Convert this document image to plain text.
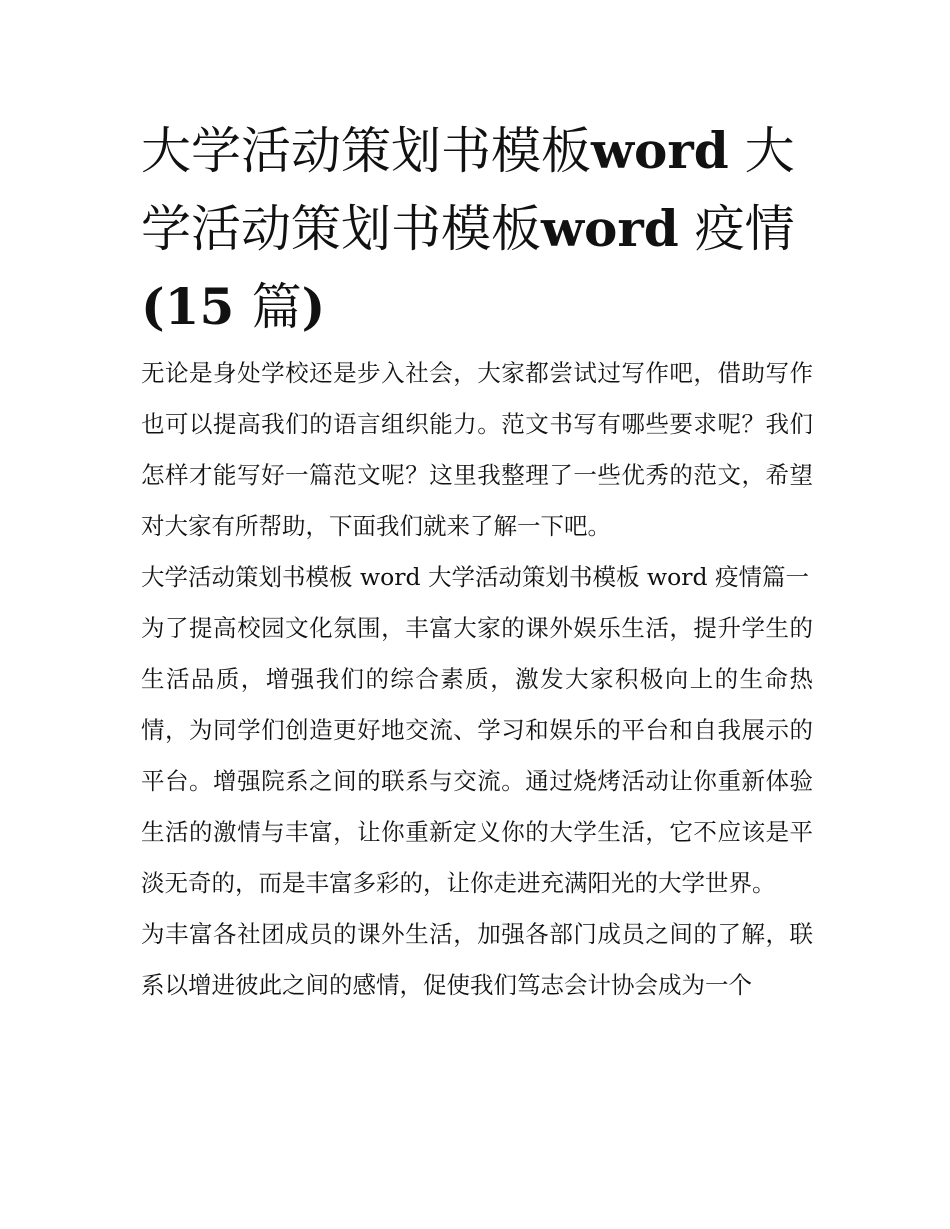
大学活动策划书模板word 大学活动策划书模板word 疫情
(15 篇)

无论是身处学校还是步入社会，大家都尝试过写作吧，借助写作也可以提高我们的语言组织能力。范文书写有哪些要求呢？我们怎样才能写好一篇范文呢？这里我整理了一些优秀的范文，希望对大家有所帮助，下面我们就来了解一下吧。

大学活动策划书模板 word 大学活动策划书模板 word 疫情篇一

为了提高校园文化氛围，丰富大家的课外娱乐生活，提升学生的生活品质，增强我们的综合素质，激发大家积极向上的生命热情，为同学们创造更好地交流、学习和娱乐的平台和自我展示的平台。增强院系之间的联系与交流。通过烧烤活动让你重新体验生活的激情与丰富，让你重新定义你的大学生活，它不应该是平淡无奇的，而是丰富多彩的，让你走进充满阳光的大学世界。

为丰富各社团成员的课外生活，加强各部门成员之间的了解，联系以增进彼此之间的感情，促使我们笃志会计协会成为一个
